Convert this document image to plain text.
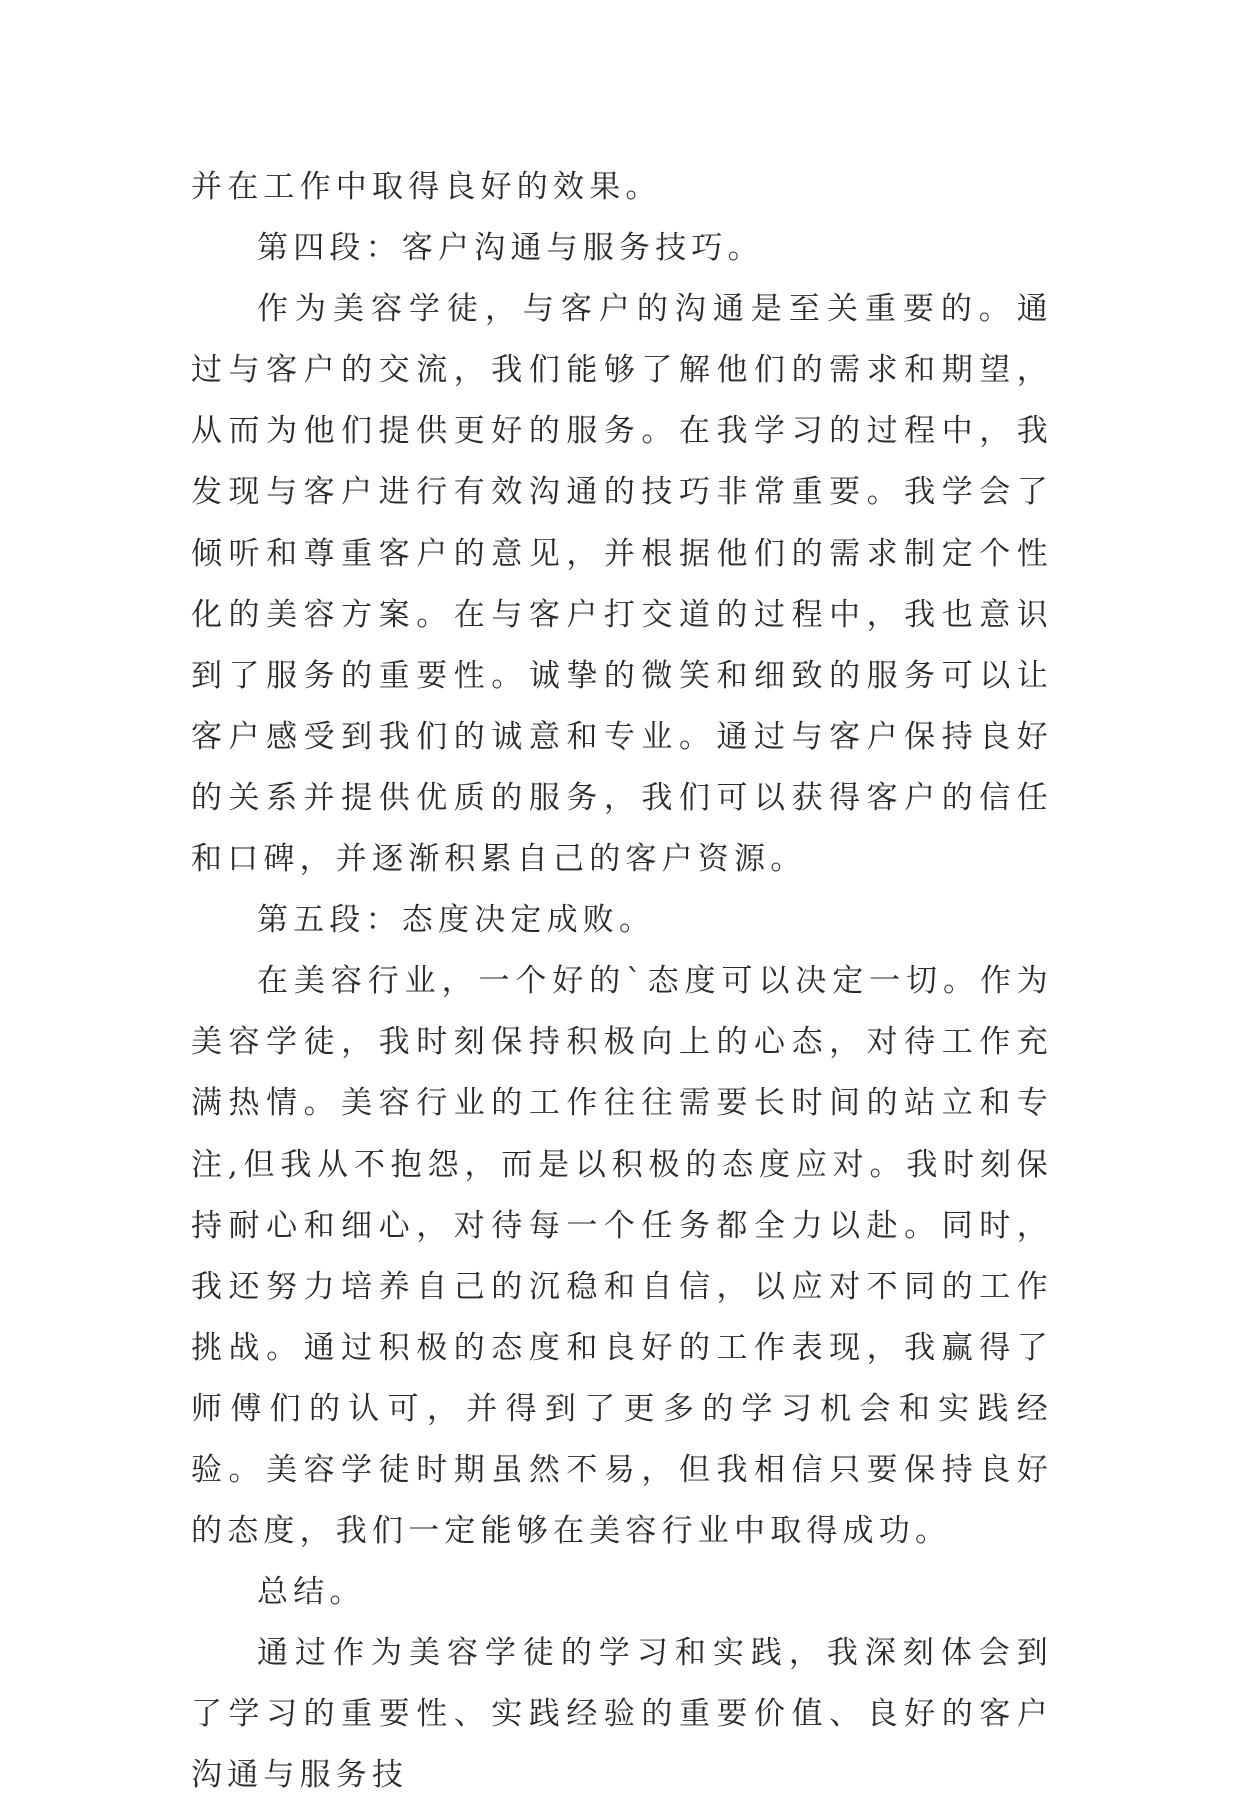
并在工作中取得良好的效果。

第四段：客户沟通与服务技巧。

作为美容学徒，与客户的沟通是至关重要的。通过与客户的交流，我们能够了解他们的需求和期望，从而为他们提供更好的服务。在我学习的过程中，我发现与客户进行有效沟通的技巧非常重要。我学会了倾听和尊重客户的意见，并根据他们的需求制定个性化的美容方案。在与客户打交道的过程中，我也意识到了服务的重要性。诚挚的微笑和细致的服务可以让客户感受到我们的诚意和专业。通过与客户保持良好的关系并提供优质的服务，我们可以获得客户的信任和口碑，并逐渐积累自己的客户资源。

第五段：态度决定成败。

在美容行业，一个好的`态度可以决定一切。作为美容学徒，我时刻保持积极向上的心态，对待工作充满热情。美容行业的工作往往需要长时间的站立和专注,但我从不抱怨，而是以积极的态度应对。我时刻保持耐心和细心，对待每一个任务都全力以赴。同时，我还努力培养自己的沉稳和自信，以应对不同的工作挑战。通过积极的态度和良好的工作表现，我赢得了师傅们的认可，并得到了更多的学习机会和实践经验。美容学徒时期虽然不易，但我相信只要保持良好的态度，我们一定能够在美容行业中取得成功。

总结。

通过作为美容学徒的学习和实践，我深刻体会到了学习的重要性、实践经验的重要价值、良好的客户沟通与服务技
